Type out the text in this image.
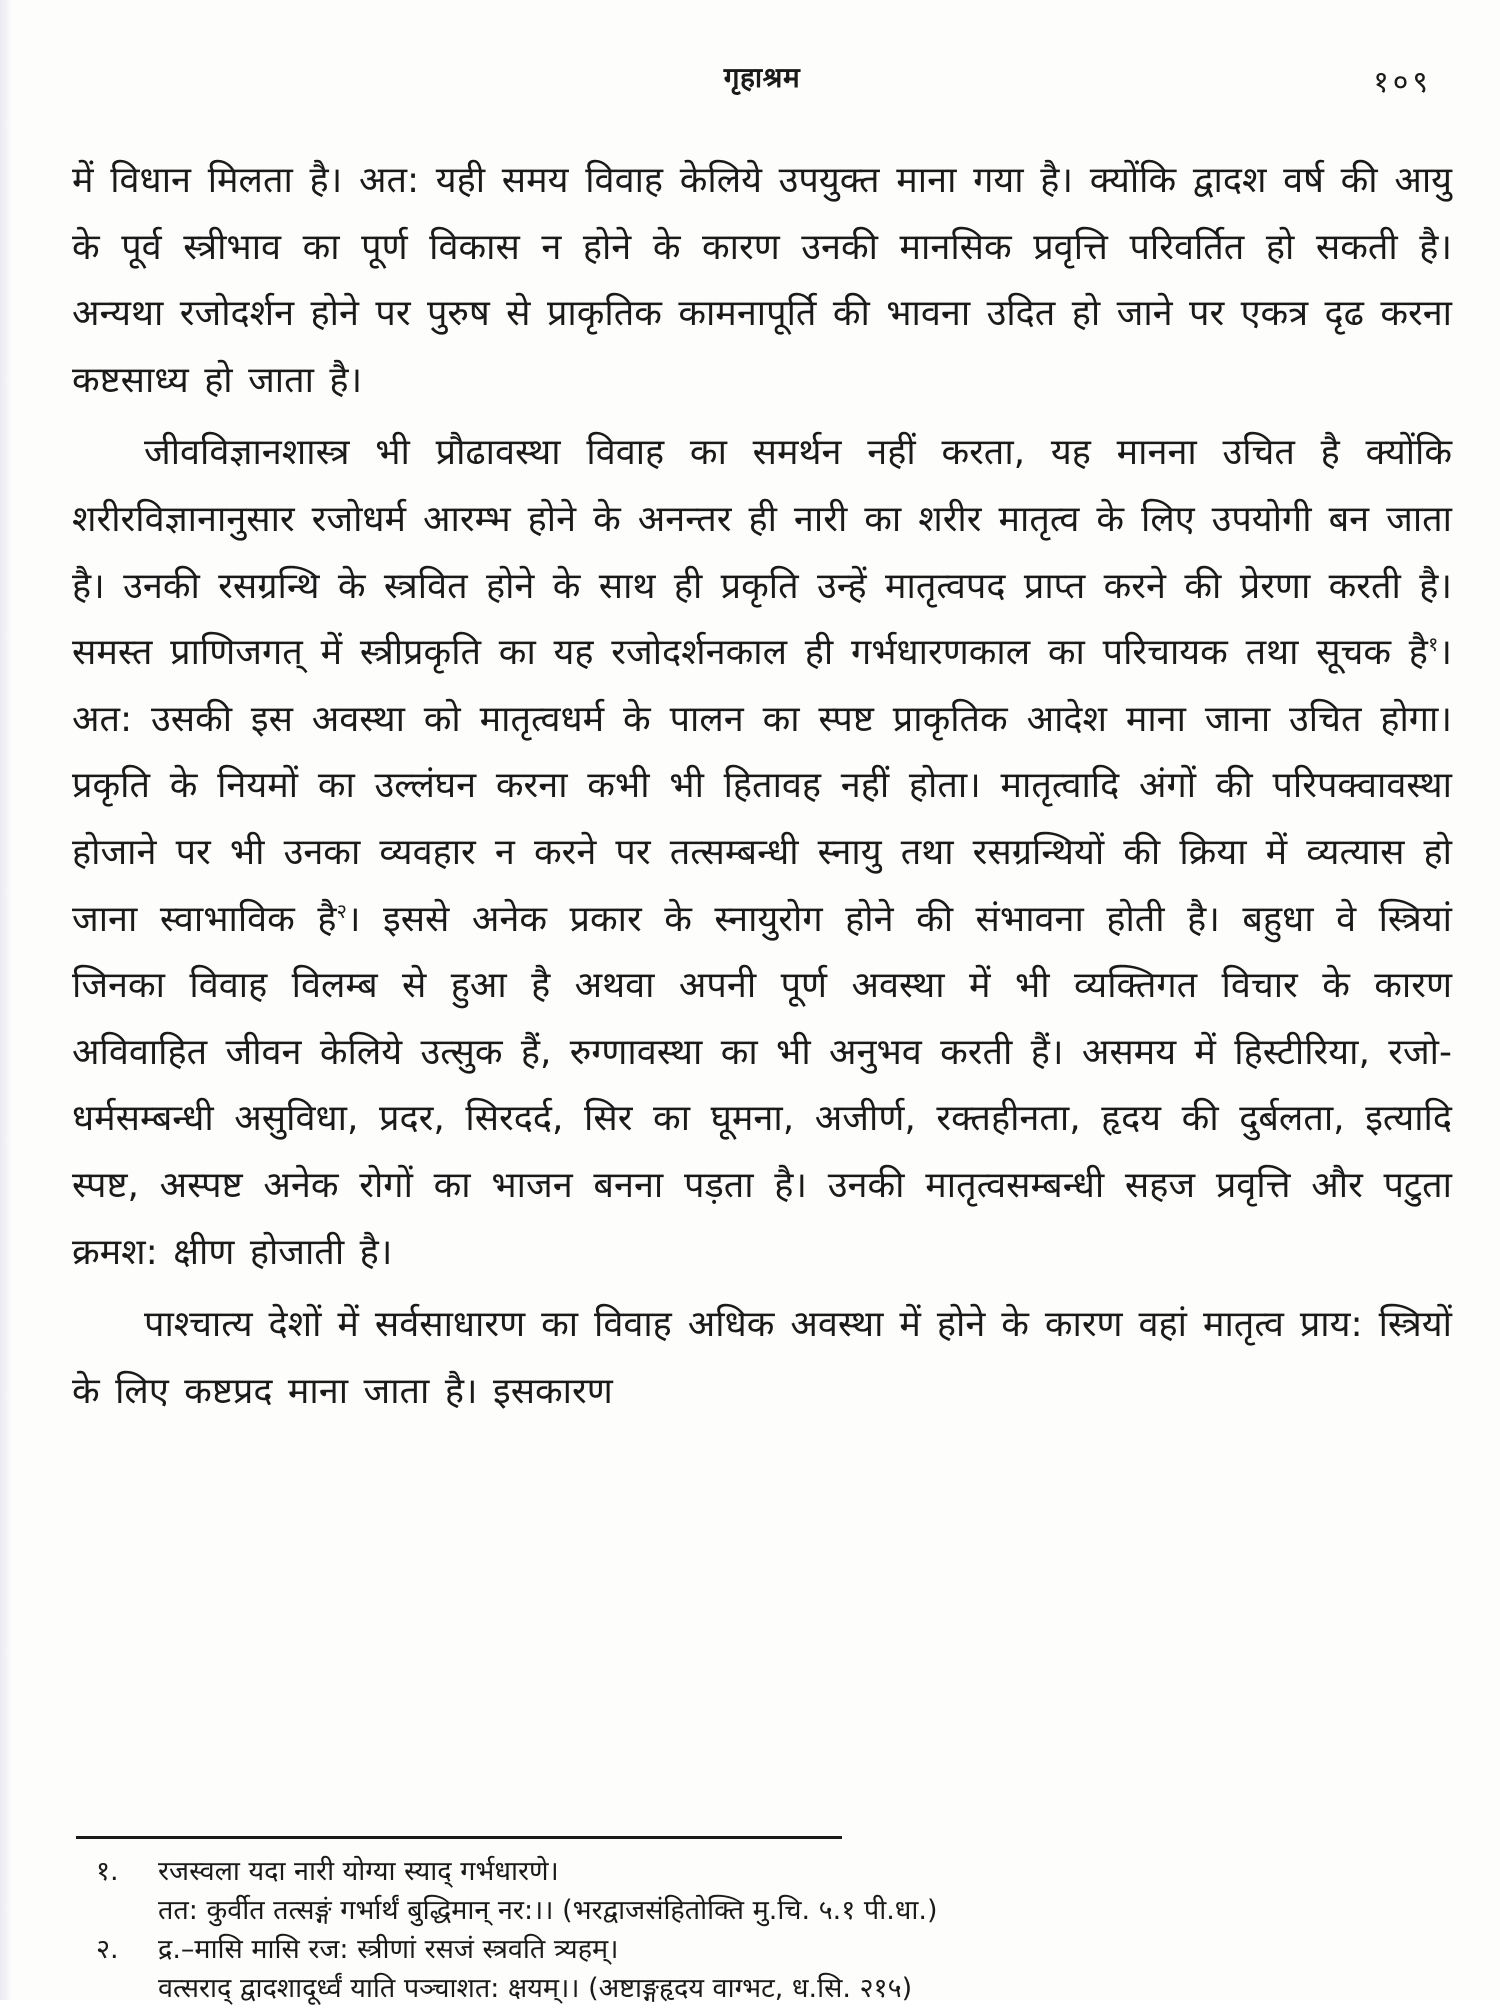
गृहाश्रम	१०९

में विधान मिलता है। अत: यही समय विवाह केलिये उपयुक्त माना गया है। क्योंकि द्वादश वर्ष की आयु के पूर्व स्त्रीभाव का पूर्ण विकास न होने के कारण उनकी मानसिक प्रवृत्ति परिवर्तित हो सकती है। अन्यथा रजोदर्शन होने पर पुरुष से प्राकृतिक कामनापूर्ति की भावना उदित हो जाने पर एकत्र दृढ करना कष्टसाध्य हो जाता है।

जीवविज्ञानशास्त्र भी प्रौढावस्था विवाह का समर्थन नहीं करता, यह मानना उचित है क्योंकि शरीरविज्ञानानुसार रजोधर्म आरम्भ होने के अनन्तर ही नारी का शरीर मातृत्व के लिए उपयोगी बन जाता है। उनकी रसग्रन्थि के स्त्रवित होने के साथ ही प्रकृति उन्हें मातृत्वपद प्राप्त करने की प्रेरणा करती है। समस्त प्राणिजगत् में स्त्रीप्रकृति का यह रजोदर्शनकाल ही गर्भधारणकाल का परिचायक तथा सूचक है$^१$। अत: उसकी इस अवस्था को मातृत्वधर्म के पालन का स्पष्ट प्राकृतिक आदेश माना जाना उचित होगा। प्रकृति के नियमों का उल्लंघन करना कभी भी हितावह नहीं होता। मातृत्वादि अंगों की परिपक्वावस्था होजाने पर भी उनका व्यवहार न करने पर तत्सम्बन्धी स्नायु तथा रसग्रन्थियों की क्रिया में व्यत्यास हो जाना स्वाभाविक है$^२$। इससे अनेक प्रकार के स्नायुरोग होने की संभावना होती है। बहुधा वे स्त्रियां जिनका विवाह विलम्ब से हुआ है अथवा अपनी पूर्ण अवस्था में भी व्यक्तिगत विचार के कारण अविवाहित जीवन केलिये उत्सुक हैं, रुग्णावस्था का भी अनुभव करती हैं। असमय में हिस्टीरिया, रजो-धर्मसम्बन्धी असुविधा, प्रदर, सिरदर्द, सिर का घूमना, अजीर्ण, रक्तहीनता, हृदय की दुर्बलता, इत्यादि स्पष्ट, अस्पष्ट अनेक रोगों का भाजन बनना पड़ता है। उनकी मातृत्वसम्बन्धी सहज प्रवृत्ति और पटुता क्रमश: क्षीण होजाती है।

पाश्चात्य देशों में सर्वसाधारण का विवाह अधिक अवस्था में होने के कारण वहां मातृत्व प्राय: स्त्रियों के लिए कष्टप्रद माना जाता है। इसकारण

१.	रजस्वला यदा नारी योग्या स्याद् गर्भधारणे।
तत: कुर्वीत तत्सङ्गं गर्भार्थं बुद्धिमान् नर:।। (भरद्वाजसंहितोक्ति मु.चि. ५.१ पी.धा.)
२.	द्र.–मासि मासि रज: स्त्रीणां रसजं स्त्रवति त्र्यहम्।
वत्सराद् द्वादशादूर्ध्वं याति पञ्चाशत: क्षयम्।। (अष्टाङ्गहृदय वाग्भट, ध.सि. २१५)
